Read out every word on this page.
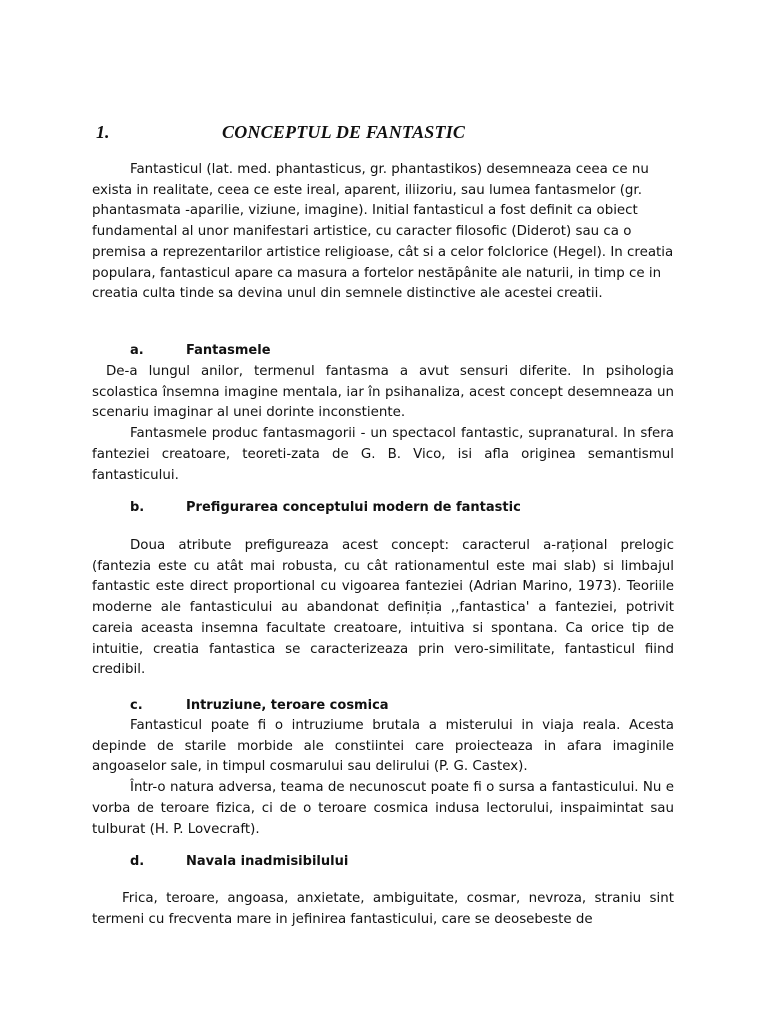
1.	CONCEPTUL DE FANTASTIC

Fantasticul (lat. med. phantasticus, gr. phantastikos) desemneaza ceea ce nu exista in realitate, ceea ce este ireal, aparent, iliizoriu, sau lumea fantasmelor (gr. phantasmata -aparilie, viziune, imagine). Initial fantasticul a fost definit ca obiect fundamental al unor manifestari artistice, cu caracter filosofic (Diderot) sau ca o premisa a reprezentarilor artistice religioase, cât si a celor folclorice (Hegel). In creatia populara, fantasticul apare ca masura a fortelor nestăpânite ale naturii, in timp ce in creatia culta tinde sa devina unul din semnele distinctive ale acestei creatii.

a.	Fantasmele

De-a lungul anilor, termenul fantasma a avut sensuri diferite. In psihologia scolastica însemna imagine mentala, iar în psihanaliza, acest concept desemneaza un scenariu imaginar al unei dorinte inconstiente.

Fantasmele produc fantasmagorii - un spectacol fantastic, supranatural. In sfera fanteziei creatoare, teoreti-zata de G. B. Vico, isi afla originea semantismul fantasticului.

b.	Prefigurarea conceptului modern de fantastic

Doua atribute prefigureaza acest concept: caracterul a-rațional prelogic (fantezia este cu atât mai robusta, cu cât rationamentul este mai slab) si limbajul fantastic este direct proportional cu vigoarea fanteziei (Adrian Marino, 1973). Teoriile moderne ale fantasticului au abandonat definiția ,,fantastica' a fanteziei, potrivit careia aceasta insemna facultate creatoare, intuitiva si spontana. Ca orice tip de intuitie, creatia fantastica se caracterizeaza prin vero-similitate, fantasticul fiind credibil.

c.	Intruziune, teroare cosmica

Fantasticul poate fi o intruziume brutala a misterului in viaja reala. Acesta depinde de starile morbide ale constiintei care proiecteaza in afara imaginile angoaselor sale, in timpul cosmarului sau delirului (P. G. Castex).

Într-o natura adversa, teama de necunoscut poate fi o sursa a fantasticului. Nu e vorba de teroare fizica, ci de o teroare cosmica indusa lectorului, inspaimintat sau tulburat (H. P. Lovecraft).

d.	Navala inadmisibilului

Frica, teroare, angoasa, anxietate, ambiguitate, cosmar, nevroza, straniu sint termeni cu frecventa mare in jefinirea fantasticului, care se deosebeste de
